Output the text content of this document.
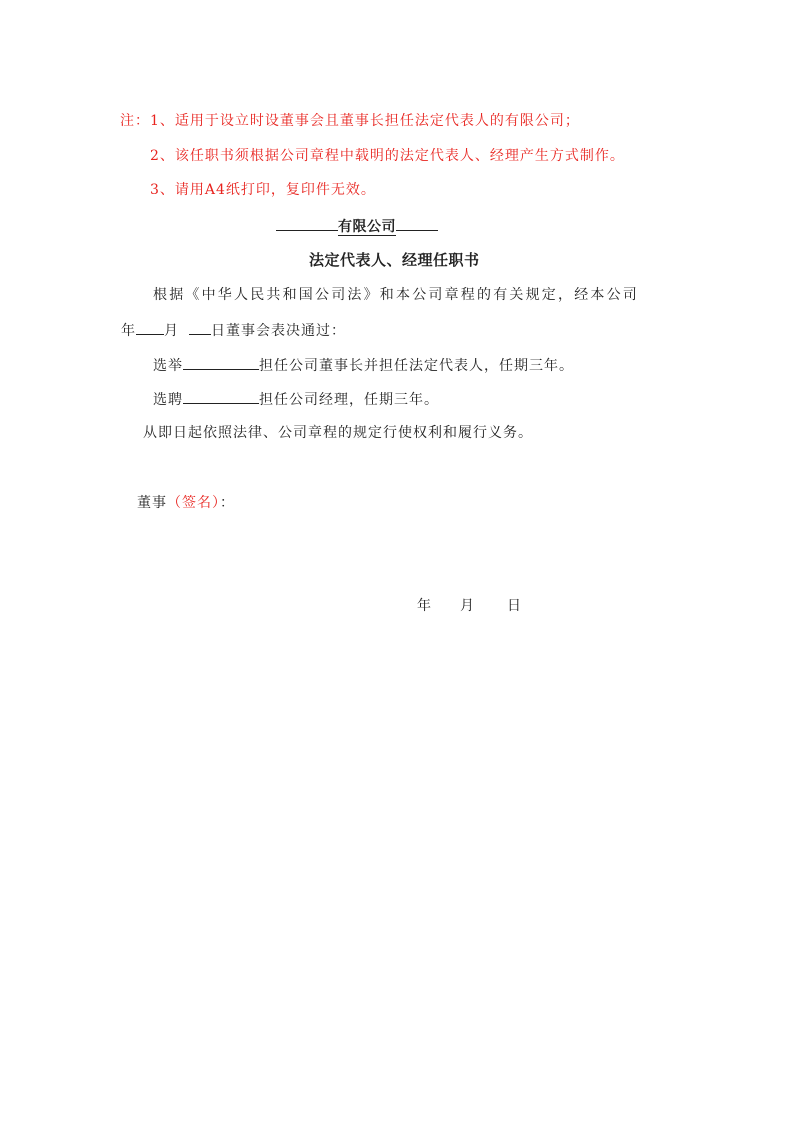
注：1、适用于设立时设董事会且董事长担任法定代表人的有限公司；
2、该任职书须根据公司章程中载明的法定代表人、经理产生方式制作。
3、请用A4纸打印，复印件无效。
有限公司
法定代表人、经理任职书
根据《中华人民共和国公司法》和本公司章程的有关规定，经本公司
年 月 日董事会表决通过：
选举	担任公司董事长并担任法定代表人，任期三年。
选聘	担任公司经理，任期三年。
从即日起依照法律、公司章程的规定行使权利和履行义务。
董事（签名）：
年 月 日
